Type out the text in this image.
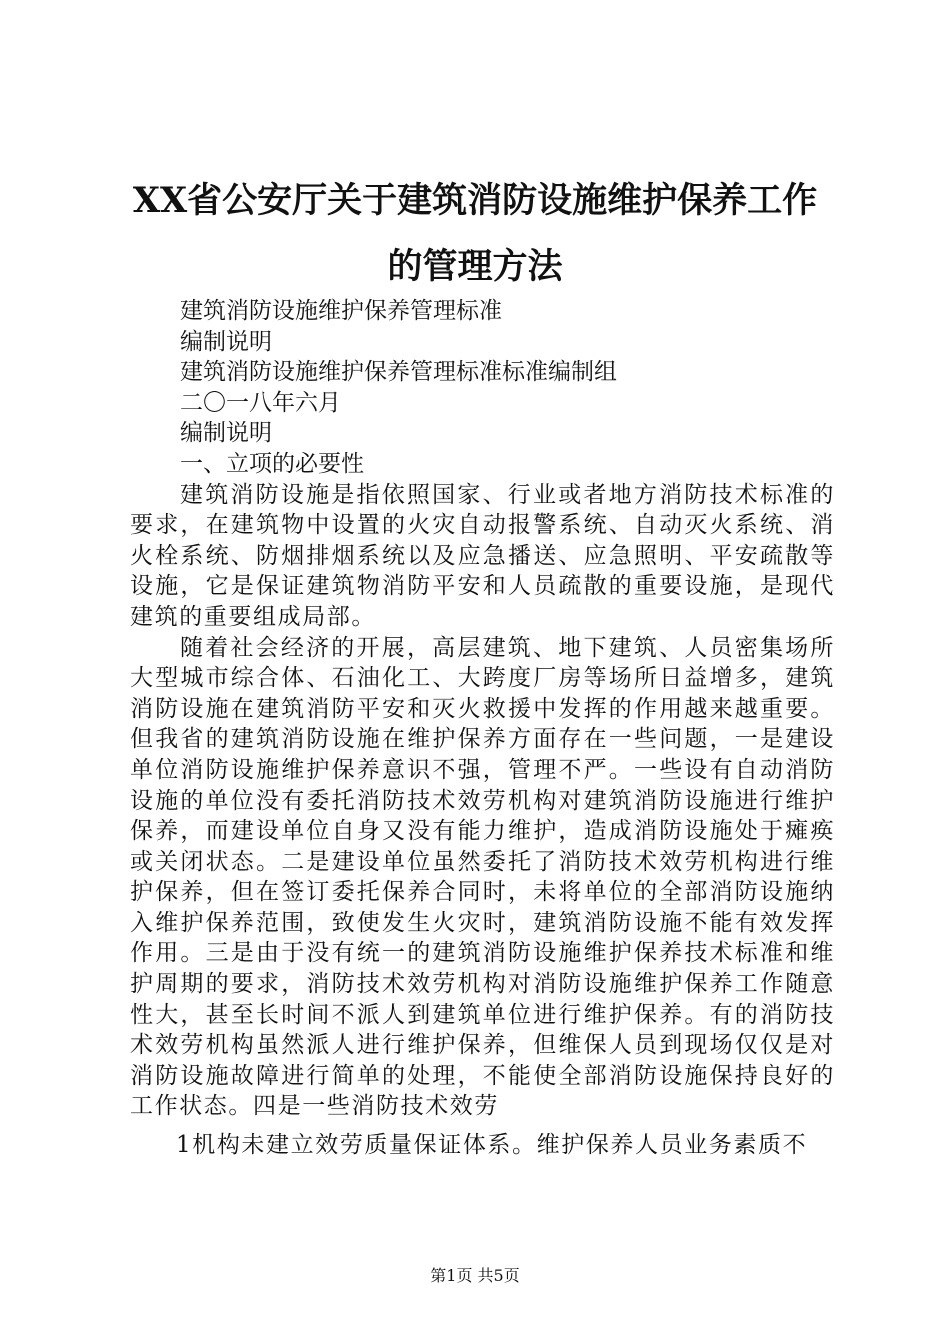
XX省公安厅关于建筑消防设施维护保养工作
的管理方法
建筑消防设施维护保养管理标准
编制说明
建筑消防设施维护保养管理标准标准编制组
二〇一八年六月
编制说明
一、立项的必要性

建筑消防设施是指依照国家、行业或者地方消防技术标准的要求，在建筑物中设置的火灾自动报警系统、自动灭火系统、消火栓系统、防烟排烟系统以及应急播送、应急照明、平安疏散等设施，它是保证建筑物消防平安和人员疏散的重要设施，是现代建筑的重要组成局部。

随着社会经济的开展，高层建筑、地下建筑、人员密集场所大型城市综合体、石油化工、大跨度厂房等场所日益增多，建筑消防设施在建筑消防平安和灭火救援中发挥的作用越来越重要。但我省的建筑消防设施在维护保养方面存在一些问题，一是建设单位消防设施维护保养意识不强，管理不严。一些设有自动消防设施的单位没有委托消防技术效劳机构对建筑消防设施进行维护保养，而建设单位自身又没有能力维护，造成消防设施处于瘫痪或关闭状态。二是建设单位虽然委托了消防技术效劳机构进行维护保养，但在签订委托保养合同时，未将单位的全部消防设施纳入维护保养范围，致使发生火灾时，建筑消防设施不能有效发挥作用。三是由于没有统一的建筑消防设施维护保养技术标准和维护周期的要求，消防技术效劳机构对消防设施维护保养工作随意性大，甚至长时间不派人到建筑单位进行维护保养。有的消防技术效劳机构虽然派人进行维护保养，但维保人员到现场仅仅是对消防设施故障进行简单的处理，不能使全部消防设施保持良好的工作状态。四是一些消防技术效劳

1机构未建立效劳质量保证体系。维护保养人员业务素质不
第1页 共5页
